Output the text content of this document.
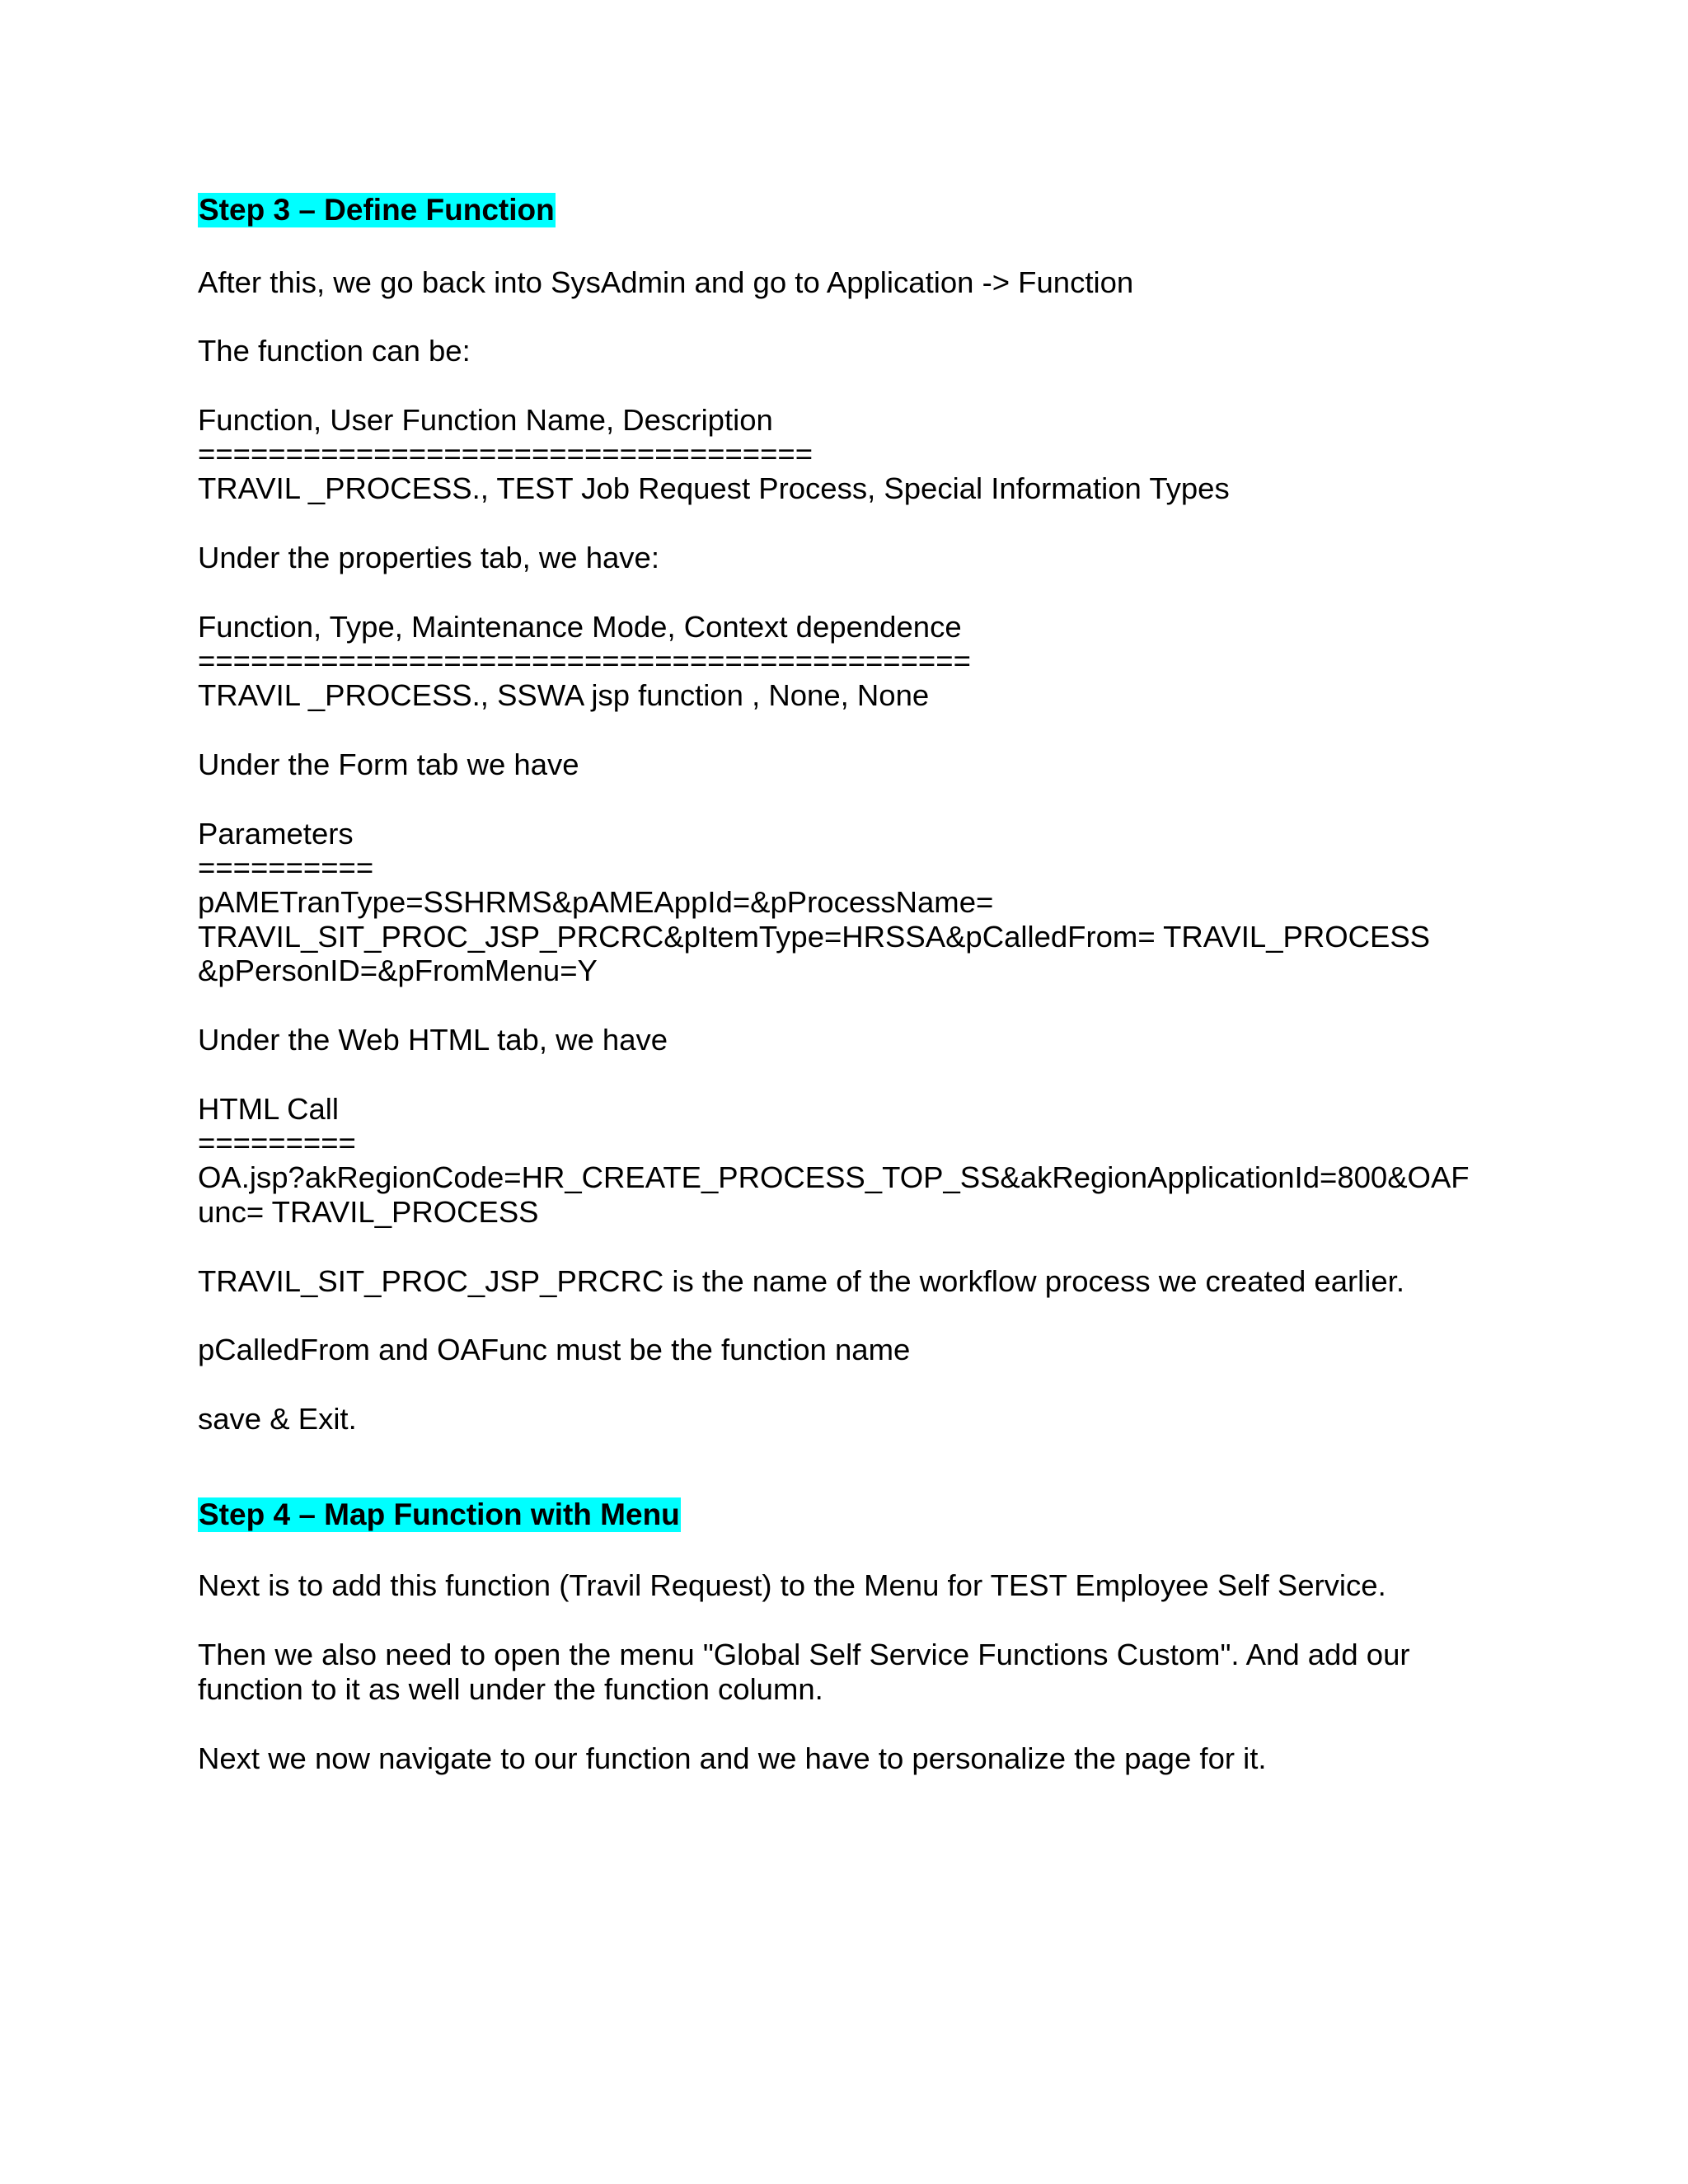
Step 3 – Define Function

After this, we go back into SysAdmin and go to Application -> Function

The function can be:

Function, User Function Name, Description

===================================

TRAVIL _PROCESS., TEST Job Request Process, Special Information Types

Under the properties tab, we have:

Function, Type, Maintenance Mode, Context dependence

============================================

TRAVIL _PROCESS., SSWA jsp function , None, None

Under the Form tab we have

Parameters

==========

pAMETranType=SSHRMS&pAMEAppId=&pProcessName=

TRAVIL_SIT_PROC_JSP_PRCRC&pItemType=HRSSA&pCalledFrom= TRAVIL_PROCESS

&pPersonID=&pFromMenu=Y

Under the Web HTML tab, we have

HTML Call

=========

OA.jsp?akRegionCode=HR_CREATE_PROCESS_TOP_SS&akRegionApplicationId=800&OAF

unc= TRAVIL_PROCESS

TRAVIL_SIT_PROC_JSP_PRCRC is the name of the workflow process we created earlier.

pCalledFrom and OAFunc must be the function name

save & Exit.

Step 4 – Map Function with Menu

Next is to add this function (Travil Request) to the Menu for TEST Employee Self Service.

Then we also need to open the menu "Global Self Service Functions Custom". And add our

function to it as well under the function column.

Next we now navigate to our function and we have to personalize the page for it.
